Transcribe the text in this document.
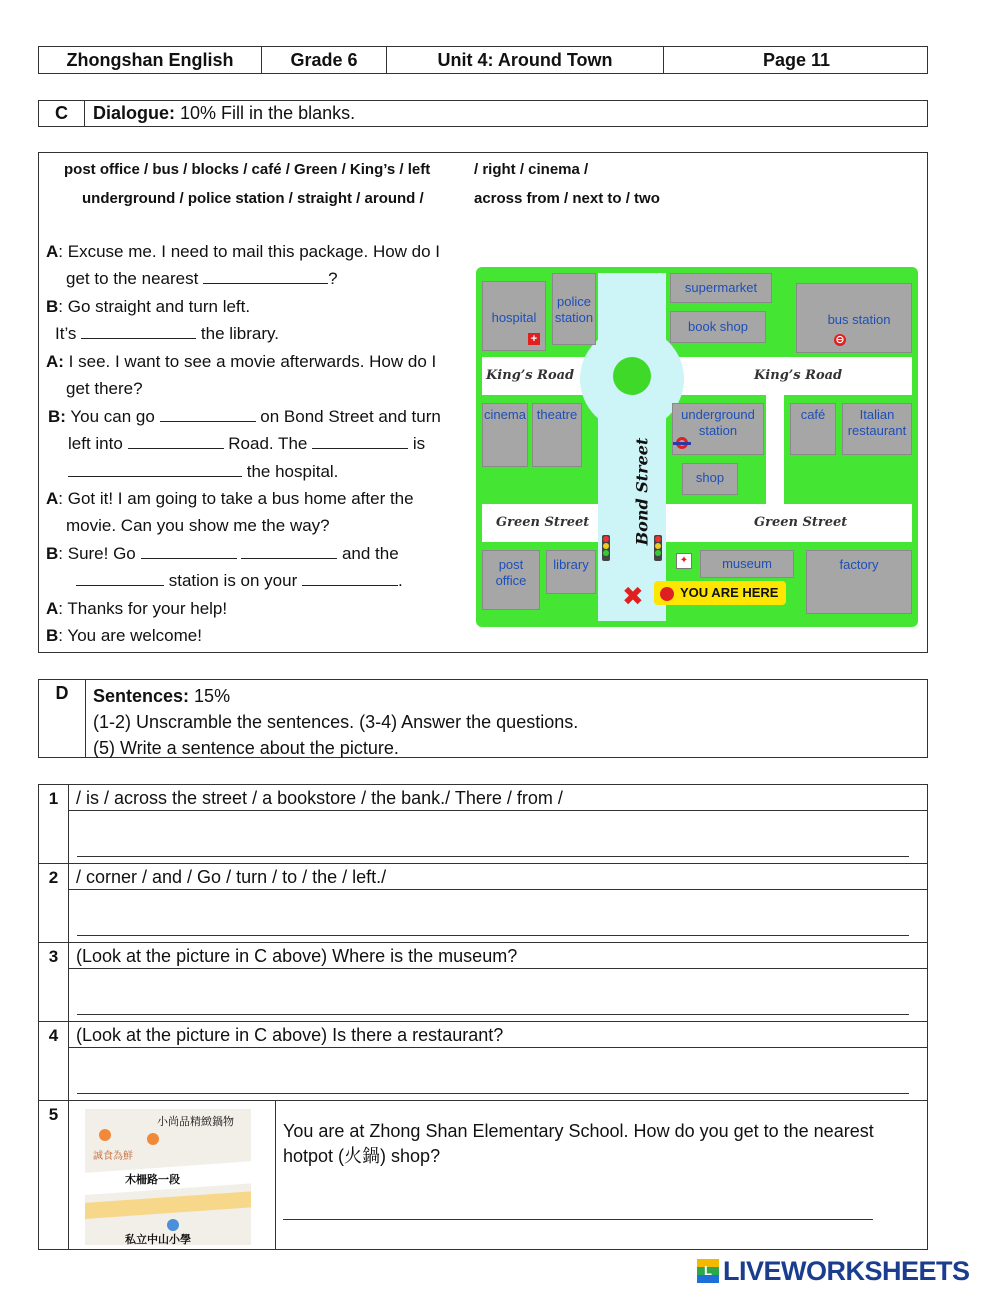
Zhongshan English	Grade 6	Unit 4: Around Town	Page 11
C	Dialogue: 10% Fill in the blanks.
post office / bus / blocks / café / Green / King’s / left	/ right / cinema /
underground / police station / straight / around /	across from / next to / two
A: Excuse me. I need to mail this package. How do I
get to the nearest	?
B: Go straight and turn left.
It’s	the library.
A: I see. I want to see a movie afterwards. How do I
get there?
B: You can go	on Bond Street and turn
left into	Road. The	is
the hospital.
A: Got it! I am going to take a bus home after the
movie. Can you show me the way?
B: Sure! Go	and the
station is on your	.
A: Thanks for your help!
B: You are welcome!
hospital
+
police station
supermarket
book shop	bus station
⊖
cinema theatre	underground station
shop
café	Italian restaurant
post office
library	museum
✦	factory
King’s Road	King’s Road
Green Street	Green Street
Bond Street
✖	YOU ARE HERE
D	Sentences: 15%
(1-2) Unscramble the sentences. (3-4) Answer the questions.
(5) Write a sentence about the picture.
1 / is / across the street / a bookstore / the bank./ There / from /
2 / corner / and / Go / turn / to / the / left./
3 (Look at the picture in C above) Where is the museum?
4 (Look at the picture in C above) Is there a restaurant?
5	小尚品精緻鍋物
誠食為鮮
木柵路一段
私立中山小學
You are at Zhong Shan Elementary School. How do you get to the nearest hotpot (火鍋) shop?
L LIVEWORKSHEETS
